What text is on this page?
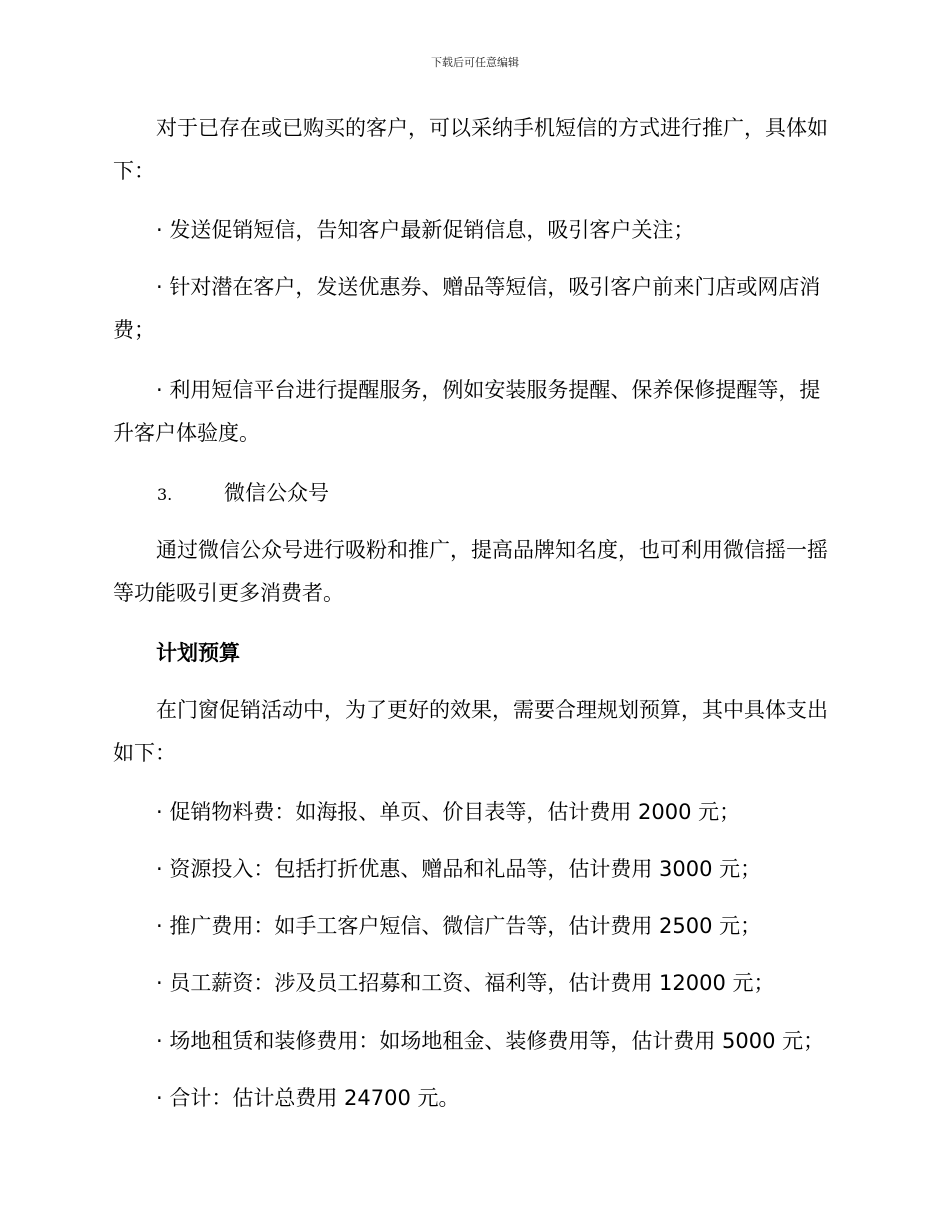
下载后可任意编辑

对于已存在或已购买的客户，可以采纳手机短信的方式进行推广，具体如下：

· 发送促销短信，告知客户最新促销信息，吸引客户关注；

· 针对潜在客户，发送优惠券、赠品等短信，吸引客户前来门店或网店消费；

· 利用短信平台进行提醒服务，例如安装服务提醒、保养保修提醒等，提升客户体验度。

3. 微信公众号

通过微信公众号进行吸粉和推广，提高品牌知名度，也可利用微信摇一摇等功能吸引更多消费者。

计划预算

在门窗促销活动中，为了更好的效果，需要合理规划预算，其中具体支出如下：

· 促销物料费：如海报、单页、价目表等，估计费用 2000 元；

· 资源投入：包括打折优惠、赠品和礼品等，估计费用 3000 元；

· 推广费用：如手工客户短信、微信广告等，估计费用 2500 元；

· 员工薪资：涉及员工招募和工资、福利等，估计费用 12000 元；

· 场地租赁和装修费用：如场地租金、装修费用等，估计费用 5000 元；

· 合计：估计总费用 24700 元。
